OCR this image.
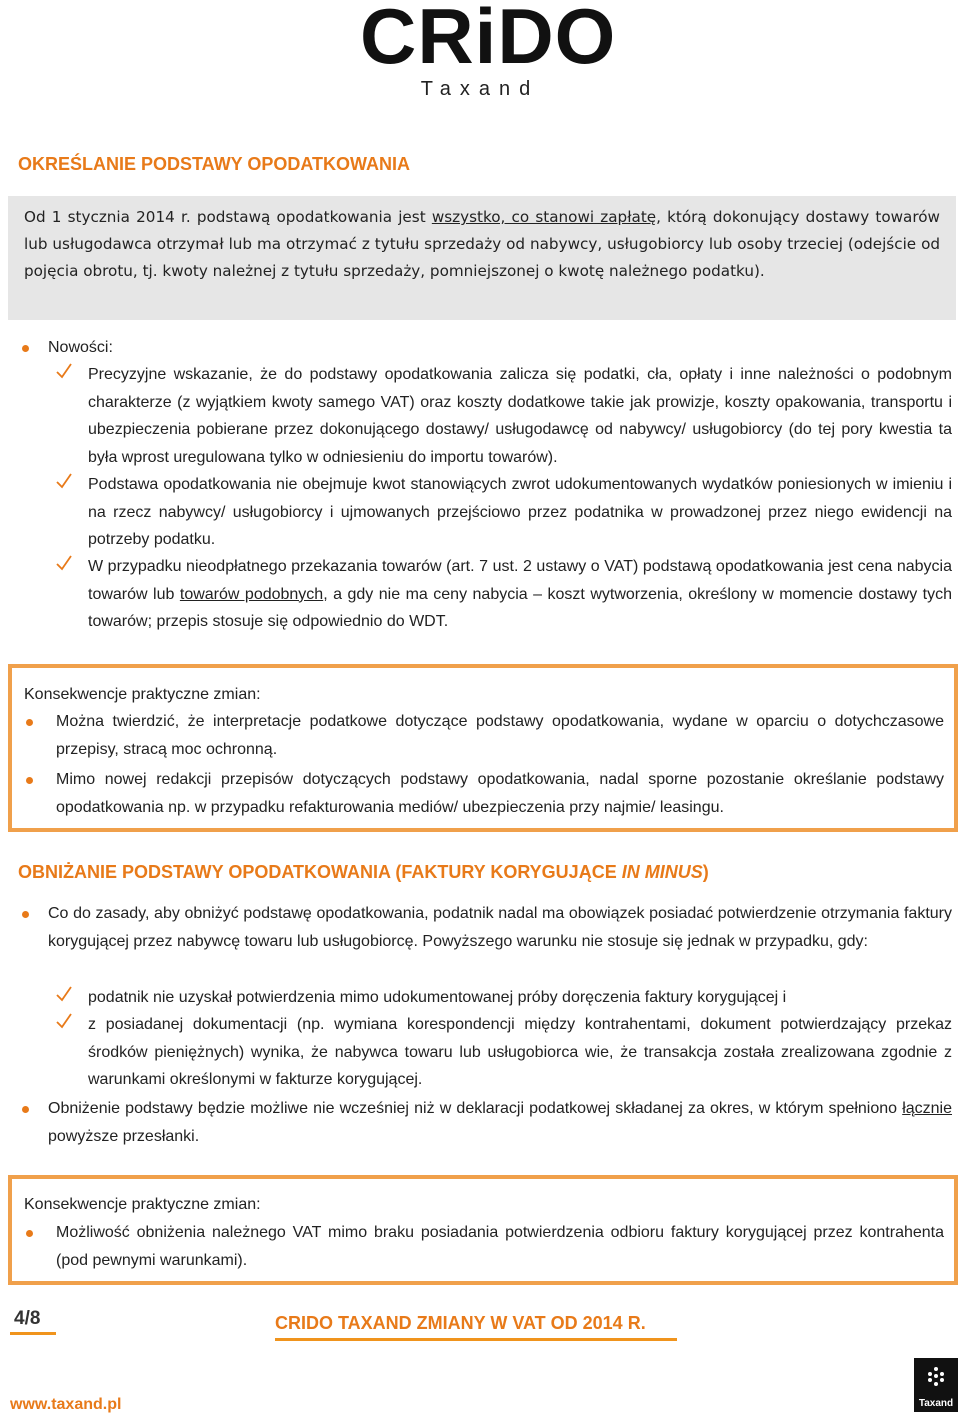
CRiDO
Taxand
OKREŚLANIE PODSTAWY OPODATKOWANIA
Od 1 stycznia 2014 r. podstawą opodatkowania jest wszystko, co stanowi zapłatę, którą dokonujący dostawy towarów lub usługodawca otrzymał lub ma otrzymać z tytułu sprzedaży od nabywcy, usługobiorcy lub osoby trzeciej (odejście od pojęcia obrotu, tj. kwoty należnej z tytułu sprzedaży, pomniejszonej o kwotę należnego podatku).
Nowości:
Precyzyjne wskazanie, że do podstawy opodatkowania zalicza się podatki, cła, opłaty i inne należności o podobnym charakterze (z wyjątkiem kwoty samego VAT) oraz koszty dodatkowe takie jak prowizje, koszty opakowania, transportu i ubezpieczenia pobierane przez dokonującego dostawy/ usługodawcę od nabywcy/ usługobiorcy (do tej pory kwestia ta była wprost uregulowana tylko w odniesieniu do importu towarów).
Podstawa opodatkowania nie obejmuje kwot stanowiących zwrot udokumentowanych wydatków poniesionych w imieniu i na rzecz nabywcy/ usługobiorcy i ujmowanych przejściowo przez podatnika w prowadzonej przez niego ewidencji na potrzeby podatku.
W przypadku nieodpłatnego przekazania towarów (art. 7 ust. 2 ustawy o VAT) podstawą opodatkowania jest cena nabycia towarów lub towarów podobnych, a gdy nie ma ceny nabycia – koszt wytworzenia, określony w momencie dostawy tych towarów; przepis stosuje się odpowiednio do WDT.
Konsekwencje praktyczne zmian:
Można twierdzić, że interpretacje podatkowe dotyczące podstawy opodatkowania, wydane w oparciu o dotychczasowe przepisy, stracą moc ochronną.
Mimo nowej redakcji przepisów dotyczących podstawy opodatkowania, nadal sporne pozostanie określanie podstawy opodatkowania np. w przypadku refakturowania mediów/ ubezpieczenia przy najmie/ leasingu.
OBNIŻANIE PODSTAWY OPODATKOWANIA (FAKTURY KORYGUJĄCE IN MINUS)
Co do zasady, aby obniżyć podstawę opodatkowania, podatnik nadal ma obowiązek posiadać potwierdzenie otrzymania faktury korygującej przez nabywcę towaru lub usługobiorcę. Powyższego warunku nie stosuje się jednak w przypadku, gdy:
podatnik nie uzyskał potwierdzenia mimo udokumentowanej próby doręczenia faktury korygującej i
z posiadanej dokumentacji (np. wymiana korespondencji między kontrahentami, dokument potwierdzający przekaz środków pieniężnych) wynika, że nabywca towaru lub usługobiorca wie, że transakcja została zrealizowana zgodnie z warunkami określonymi w fakturze korygującej.
Obniżenie podstawy będzie możliwe nie wcześniej niż w deklaracji podatkowej składanej za okres, w którym spełniono łącznie powyższe przesłanki.
Konsekwencje praktyczne zmian:
Możliwość obniżenia należnego VAT mimo braku posiadania potwierdzenia odbioru faktury korygującej przez kontrahenta (pod pewnymi warunkami).
4/8	CRIDO TAXAND ZMIANY W VAT OD 2014 R.
www.taxand.pl	Taxand
